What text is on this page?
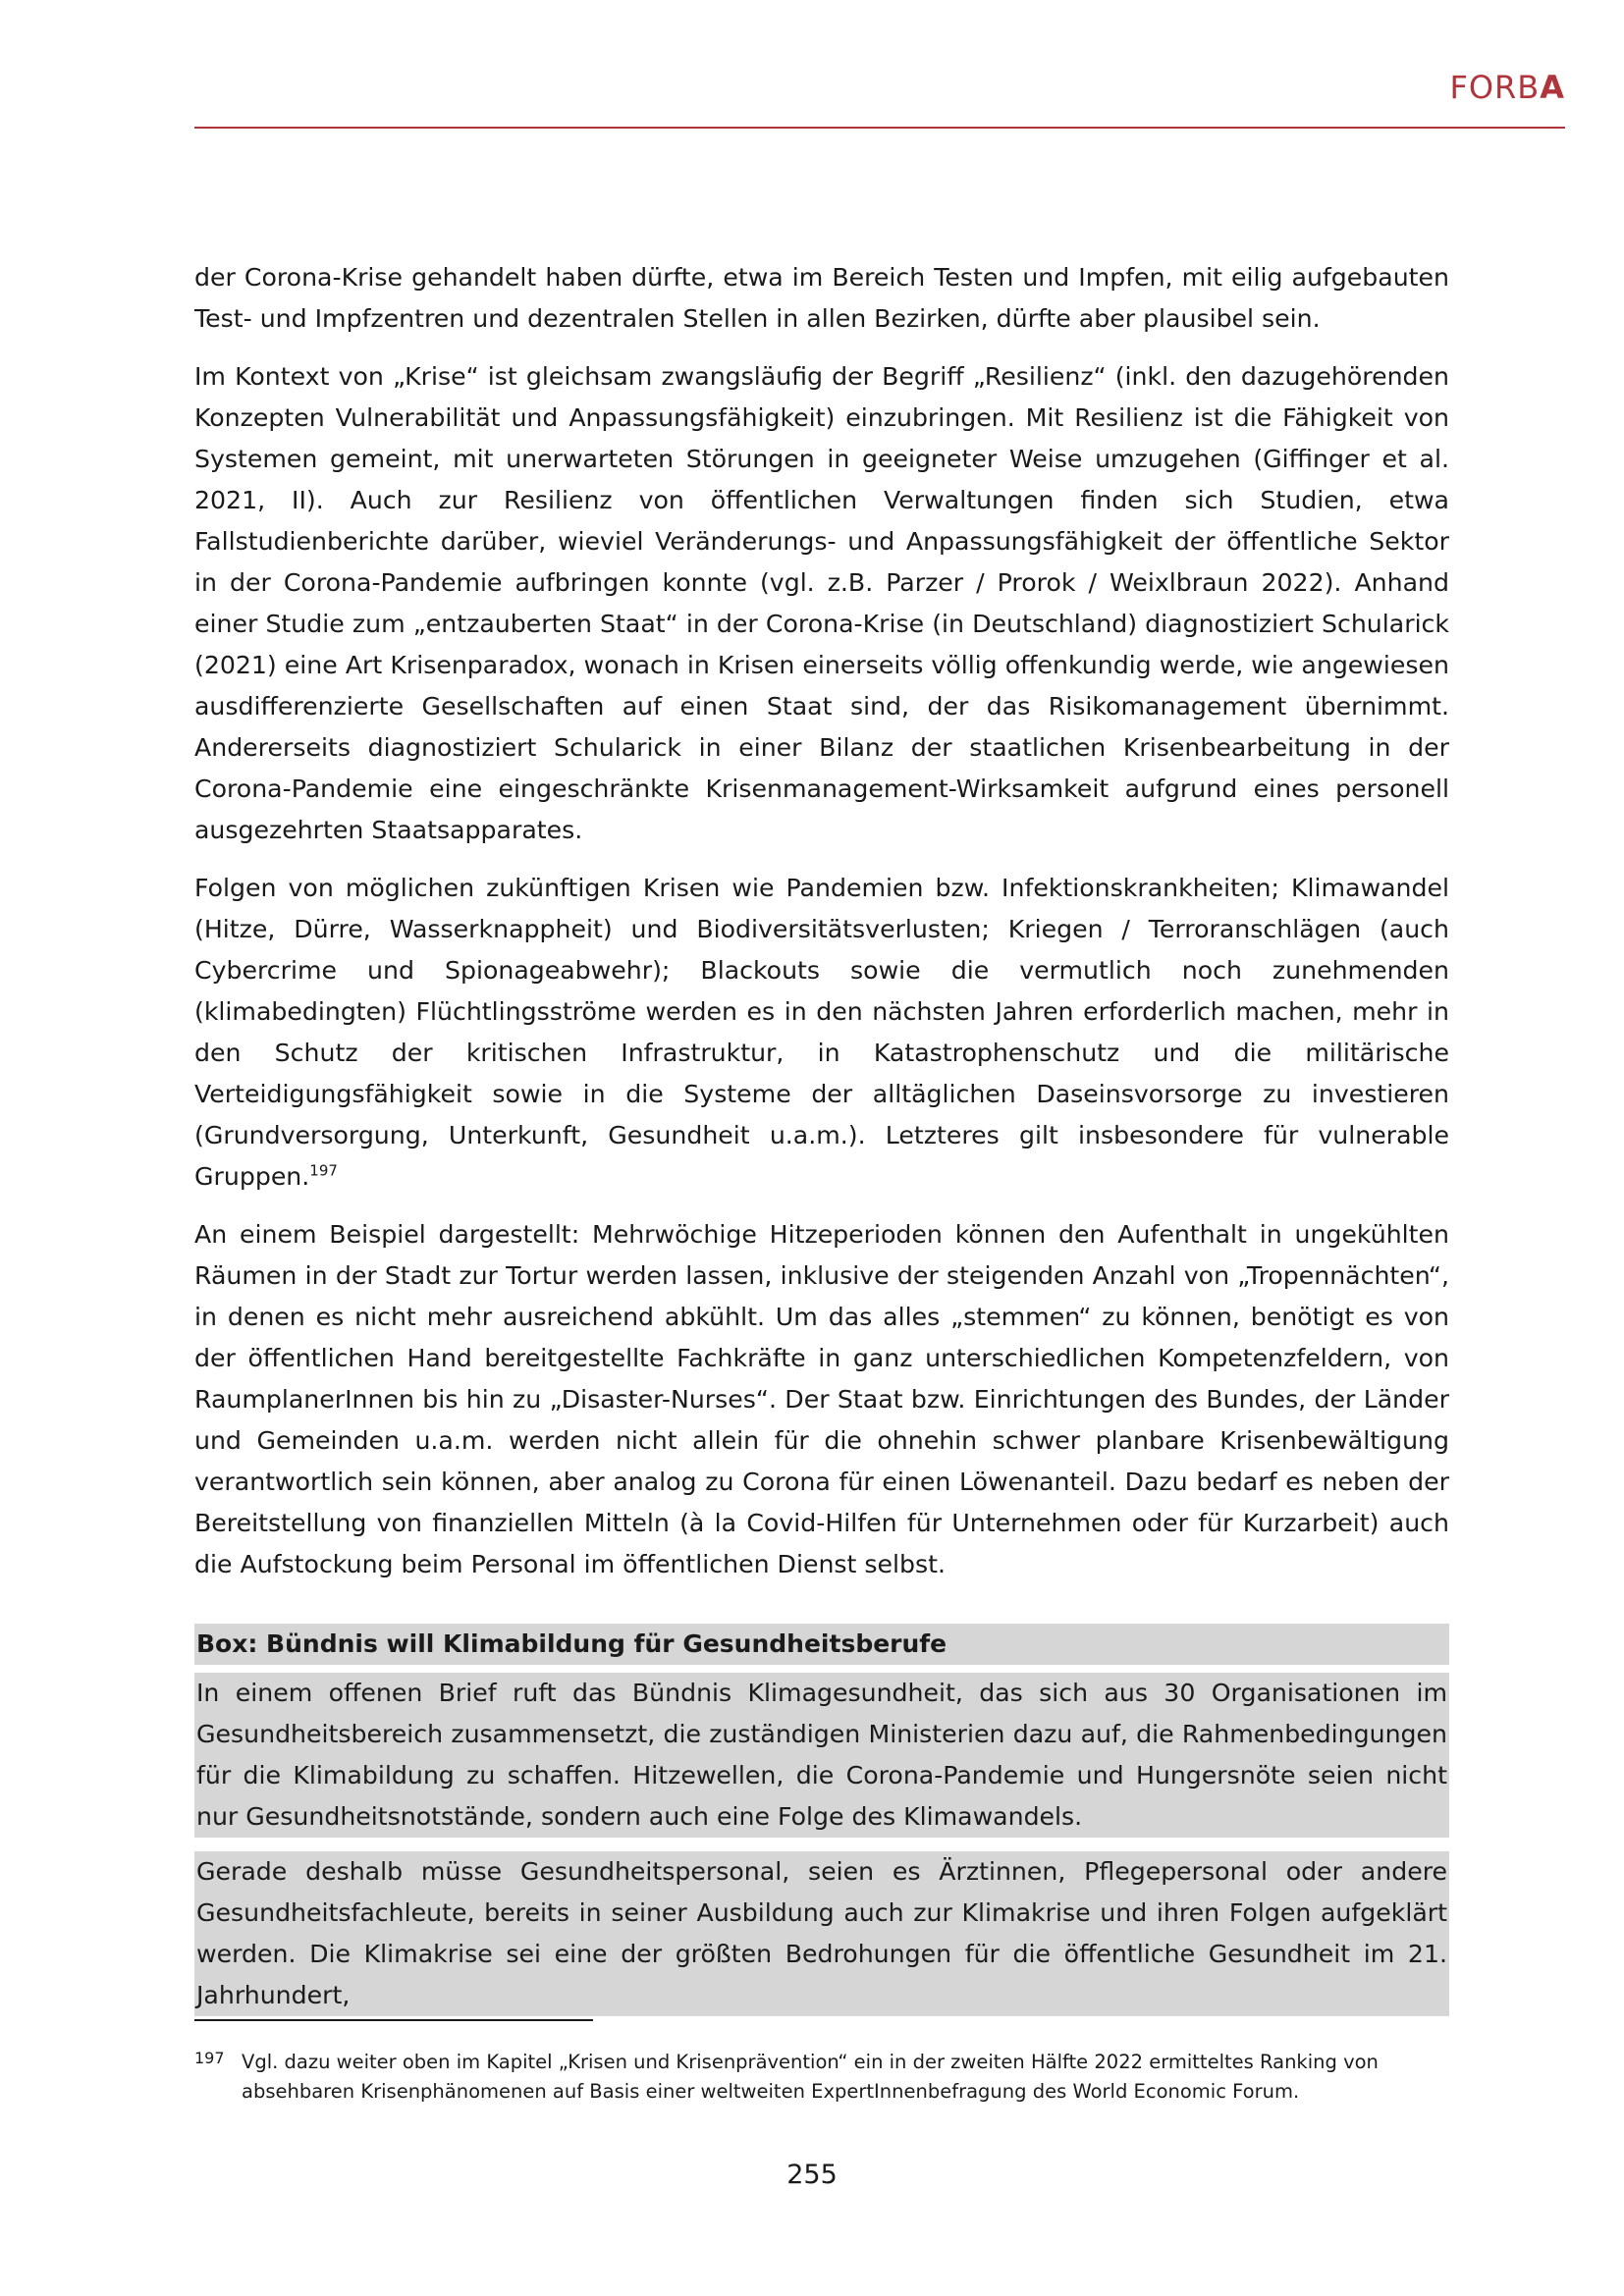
FORBA

der Corona-Krise gehandelt haben dürfte, etwa im Bereich Testen und Impfen, mit eilig aufgebauten Test- und Impfzentren und dezentralen Stellen in allen Bezirken, dürfte aber plausibel sein.

Im Kontext von „Krise“ ist gleichsam zwangsläufig der Begriff „Resilienz“ (inkl. den dazugehörenden Konzepten Vulnerabilität und Anpassungsfähigkeit) einzubringen. Mit Resilienz ist die Fähigkeit von Systemen gemeint, mit unerwarteten Störungen in geeigneter Weise umzugehen (Giffinger et al. 2021, II). Auch zur Resilienz von öffentlichen Verwaltungen finden sich Studien, etwa Fallstudienberichte darüber, wieviel Veränderungs- und Anpassungsfähigkeit der öffentliche Sektor in der Corona-Pandemie aufbringen konnte (vgl. z.B. Parzer / Prorok / Weixlbraun 2022). Anhand einer Studie zum „entzauberten Staat“ in der Corona-Krise (in Deutschland) diagnostiziert Schularick (2021) eine Art Krisenparadox, wonach in Krisen einerseits völlig offenkundig werde, wie angewiesen ausdifferenzierte Gesellschaften auf einen Staat sind, der das Risikomanagement übernimmt. Andererseits diagnostiziert Schularick in einer Bilanz der staatlichen Krisenbearbeitung in der Corona-Pandemie eine eingeschränkte Krisenmanagement-Wirksamkeit aufgrund eines personell ausgezehrten Staatsapparates.

Folgen von möglichen zukünftigen Krisen wie Pandemien bzw. Infektionskrankheiten; Klimawandel (Hitze, Dürre, Wasserknappheit) und Biodiversitätsverlusten; Kriegen / Terroranschlägen (auch Cybercrime und Spionageabwehr); Blackouts sowie die vermutlich noch zunehmenden (klimabedingten) Flüchtlingsströme werden es in den nächsten Jahren erforderlich machen, mehr in den Schutz der kritischen Infrastruktur, in Katastrophenschutz und die militärische Verteidigungsfähigkeit sowie in die Systeme der alltäglichen Daseinsvorsorge zu investieren (Grundversorgung, Unterkunft, Gesundheit u.a.m.). Letzteres gilt insbesondere für vulnerable Gruppen.$^{197}$

An einem Beispiel dargestellt: Mehrwöchige Hitzeperioden können den Aufenthalt in ungekühlten Räumen in der Stadt zur Tortur werden lassen, inklusive der steigenden Anzahl von „Tropennächten“, in denen es nicht mehr ausreichend abkühlt. Um das alles „stemmen“ zu können, benötigt es von der öffentlichen Hand bereitgestellte Fachkräfte in ganz unterschiedlichen Kompetenzfeldern, von RaumplanerInnen bis hin zu „Disaster-Nurses“. Der Staat bzw. Einrichtungen des Bundes, der Länder und Gemeinden u.a.m. werden nicht allein für die ohnehin schwer planbare Krisenbewältigung verantwortlich sein können, aber analog zu Corona für einen Löwenanteil. Dazu bedarf es neben der Bereitstellung von finanziellen Mitteln (à la Covid-Hilfen für Unternehmen oder für Kurzarbeit) auch die Aufstockung beim Personal im öffentlichen Dienst selbst.

Box: Bündnis will Klimabildung für Gesundheitsberufe
In einem offenen Brief ruft das Bündnis Klimagesundheit, das sich aus 30 Organisationen im Gesundheitsbereich zusammensetzt, die zuständigen Ministerien dazu auf, die Rahmenbedingungen für die Klimabildung zu schaffen. Hitzewellen, die Corona-Pandemie und Hungersnöte seien nicht nur Gesundheitsnotstände, sondern auch eine Folge des Klimawandels.
Gerade deshalb müsse Gesundheitspersonal, seien es Ärztinnen, Pflegepersonal oder andere Gesundheitsfachleute, bereits in seiner Ausbildung auch zur Klimakrise und ihren Folgen aufgeklärt werden. Die Klimakrise sei eine der größten Bedrohungen für die öffentliche Gesundheit im 21. Jahrhundert,
197 Vgl. dazu weiter oben im Kapitel „Krisen und Krisenprävention“ ein in der zweiten Hälfte 2022 ermitteltes Ranking von absehbaren Krisenphänomenen auf Basis einer weltweiten ExpertInnenbefragung des World Economic Forum.
255
